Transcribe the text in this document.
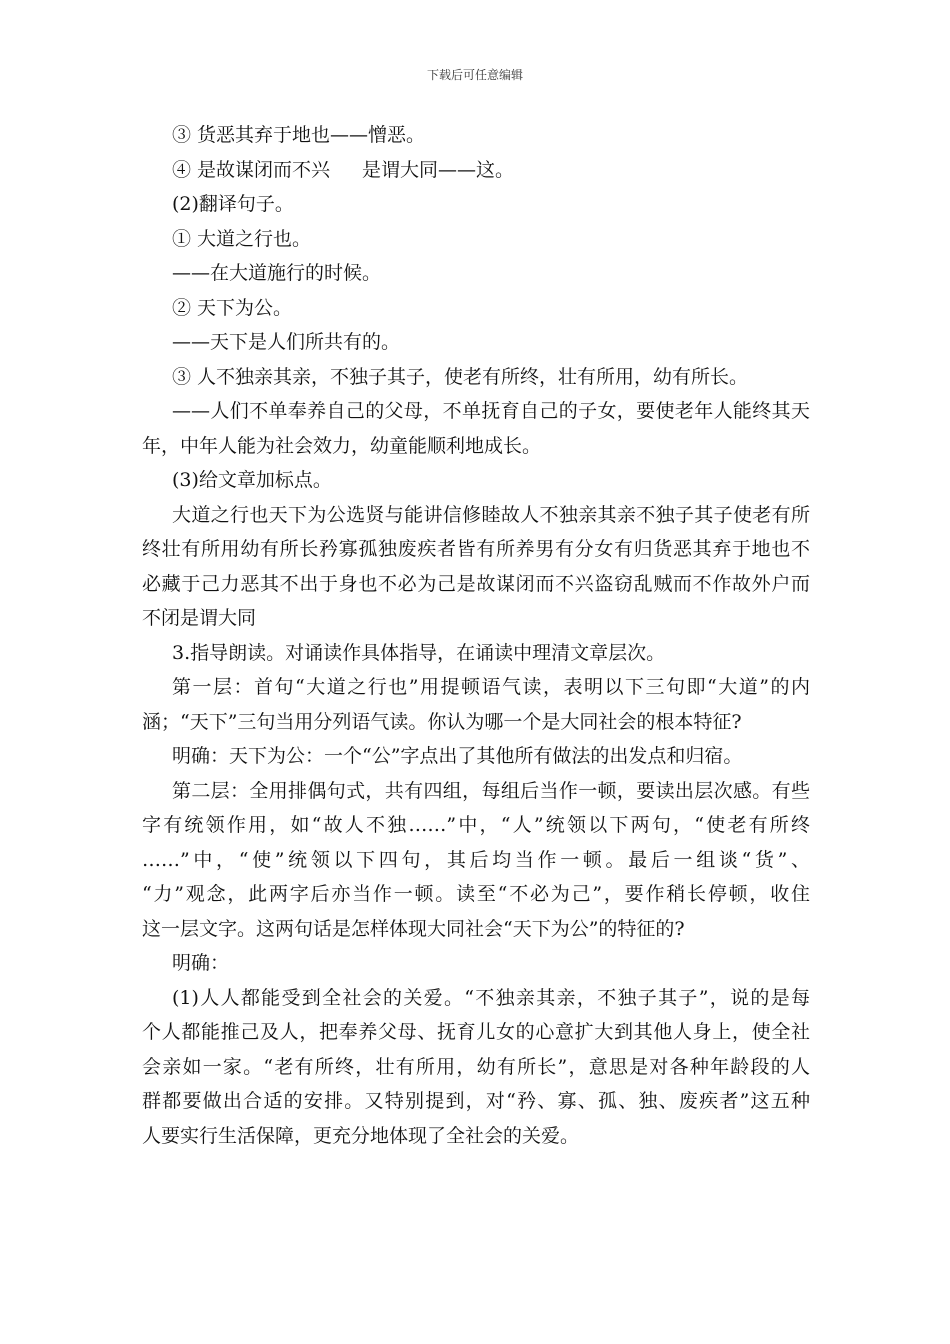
下载后可任意编辑
③ 货恶其弃于地也——憎恶。
④ 是故谋闭而不兴 是谓大同——这。
(2)翻译句子。
① 大道之行也。
——在大道施行的时候。
② 天下为公。
——天下是人们所共有的。
③ 人不独亲其亲，不独子其子，使老有所终，壮有所用，幼有所长。
——人们不单奉养自己的父母，不单抚育自己的子女，要使老年人能终其天
年，中年人能为社会效力，幼童能顺利地成长。
(3)给文章加标点。
大道之行也天下为公选贤与能讲信修睦故人不独亲其亲不独子其子使老有所
终壮有所用幼有所长矜寡孤独废疾者皆有所养男有分女有归货恶其弃于地也不
必藏于己力恶其不出于身也不必为己是故谋闭而不兴盗窃乱贼而不作故外户而
不闭是谓大同
3.指导朗读。对诵读作具体指导，在诵读中理清文章层次。
第一层：首句“大道之行也”用提顿语气读，表明以下三句即“大道”的内
涵；“天下”三句当用分列语气读。你认为哪一个是大同社会的根本特征?
明确：天下为公：一个“公”字点出了其他所有做法的出发点和归宿。
第二层：全用排偶句式，共有四组，每组后当作一顿，要读出层次感。有些
字有统领作用，如“故人不独……”中，“人”统领以下两句，“使老有所终
……”中，“使”统领以下四句，其后均当作一顿。最后一组谈“货”、
“力”观念，此两字后亦当作一顿。读至“不必为己”，要作稍长停顿，收住
这一层文字。这两句话是怎样体现大同社会“天下为公”的特征的?
明确：
(1)人人都能受到全社会的关爱。“不独亲其亲，不独子其子”，说的是每
个人都能推己及人，把奉养父母、抚育儿女的心意扩大到其他人身上，使全社
会亲如一家。“老有所终，壮有所用，幼有所长”，意思是对各种年龄段的人
群都要做出合适的安排。又特别提到，对“矜、寡、孤、独、废疾者”这五种
人要实行生活保障，更充分地体现了全社会的关爱。
